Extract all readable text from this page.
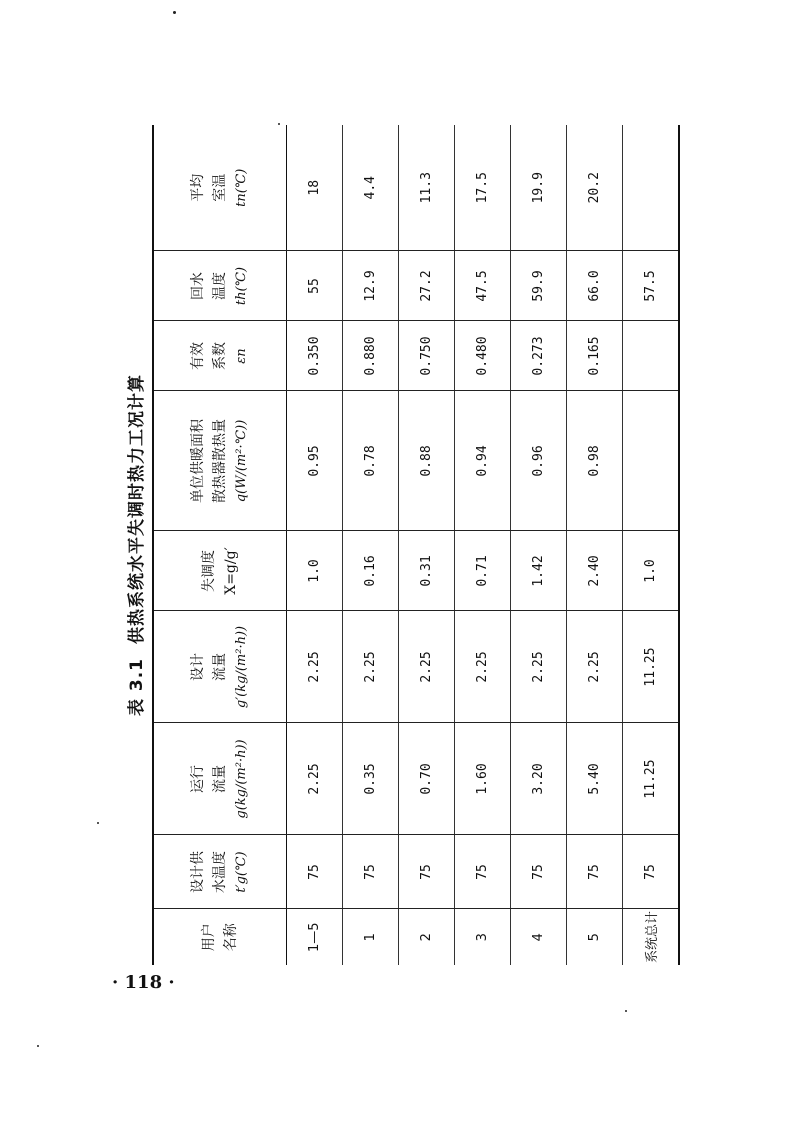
表 3.1供热系统水平失调时热力工况计算
用户 名称	设计供 水温度 t′g(℃)	运行 流量 g(kg/(m²·h))	设计 流量 g′(kg/(m²·h))	失调度 X=g/g′	单位供暖面积 散热器散热量 q(W/(m²·℃))	有效 系数 εn	回水 温度 th(℃)	平均 室温 tn(℃)

1—5	75	2.25	2.25	1.0	0.95	0.350	55	18
1	75	0.35	2.25	0.16	0.78	0.880	12.9	4.4
2	75	0.70	2.25	0.31	0.88	0.750	27.2	11.3
3	75	1.60	2.25	0.71	0.94	0.480	47.5	17.5
4	75	3.20	2.25	1.42	0.96	0.273	59.9	19.9
5	75	5.40	2.25	2.40	0.98	0.165	66.0	20.2
系统总计	75	11.25	11.25	1.0			57.5	
· 118 ·
